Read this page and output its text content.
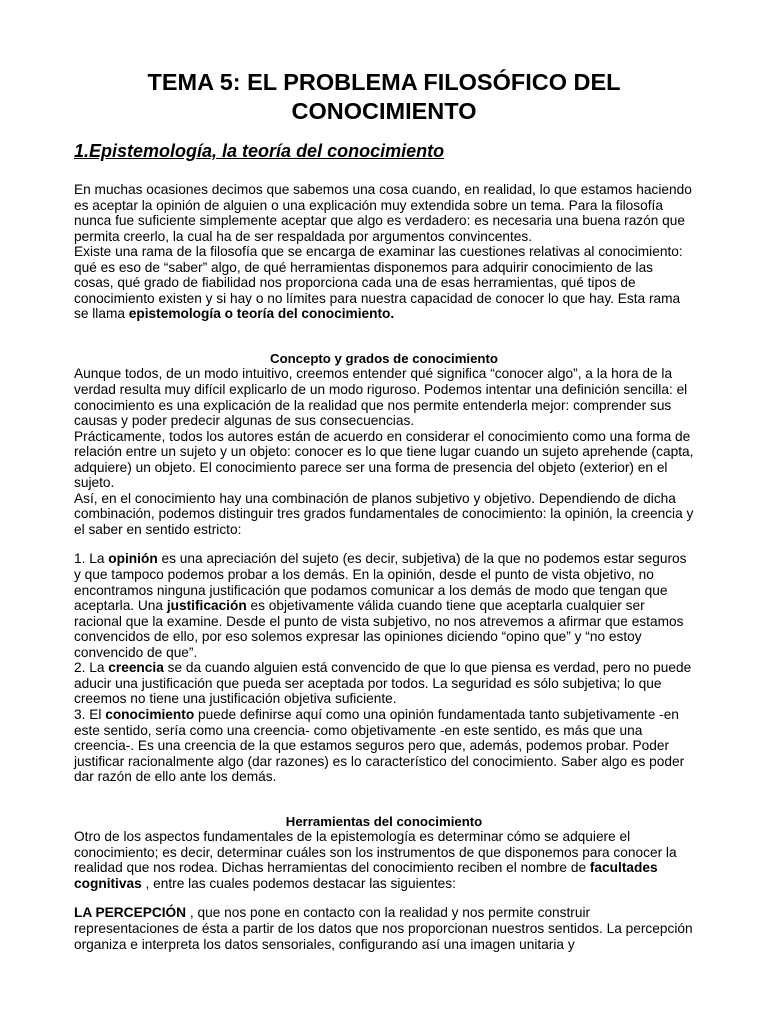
TEMA 5: EL PROBLEMA FILOSÓFICO DEL CONOCIMIENTO
1.Epistemología, la teoría del conocimiento

En muchas ocasiones decimos que sabemos una cosa cuando, en realidad, lo que estamos haciendo es aceptar la opinión de alguien o una explicación muy extendida sobre un tema. Para la filosofía nunca fue suficiente simplemente aceptar que algo es verdadero: es necesaria una buena razón que permita creerlo, la cual ha de ser respaldada por argumentos convincentes.

Existe una rama de la filosofía que se encarga de examinar las cuestiones relativas al conocimiento: qué es eso de “saber” algo, de qué herramientas disponemos para adquirir conocimiento de las cosas, qué grado de fiabilidad nos proporciona cada una de esas herramientas, qué tipos de conocimiento existen y si hay o no límites para nuestra capacidad de conocer lo que hay. Esta rama se llama epistemología o teoría del conocimiento.

Concepto y grados de conocimiento

Aunque todos, de un modo intuitivo, creemos entender qué significa “conocer algo”, a la hora de la verdad resulta muy difícil explicarlo de un modo riguroso. Podemos intentar una definición sencilla: el conocimiento es una explicación de la realidad que nos permite entenderla mejor: comprender sus causas y poder predecir algunas de sus consecuencias.

Prácticamente, todos los autores están de acuerdo en considerar el conocimiento como una forma de relación entre un sujeto y un objeto: conocer es lo que tiene lugar cuando un sujeto aprehende (capta, adquiere) un objeto. El conocimiento parece ser una forma de presencia del objeto (exterior) en el sujeto.

Así, en el conocimiento hay una combinación de planos subjetivo y objetivo. Dependiendo de dicha combinación, podemos distinguir tres grados fundamentales de conocimiento: la opinión, la creencia y el saber en sentido estricto:

1. La opinión es una apreciación del sujeto (es decir, subjetiva) de la que no podemos estar seguros y que tampoco podemos probar a los demás. En la opinión, desde el punto de vista objetivo, no encontramos ninguna justificación que podamos comunicar a los demás de modo que tengan que aceptarla. Una justificación es objetivamente válida cuando tiene que aceptarla cualquier ser racional que la examine. Desde el punto de vista subjetivo, no nos atrevemos a afirmar que estamos convencidos de ello, por eso solemos expresar las opiniones diciendo “opino que” y “no estoy convencido de que”.

2. La creencia se da cuando alguien está convencido de que lo que piensa es verdad, pero no puede aducir una justificación que pueda ser aceptada por todos. La seguridad es sólo subjetiva; lo que creemos no tiene una justificación objetiva suficiente.

3. El conocimiento puede definirse aquí como una opinión fundamentada tanto subjetivamente -en este sentido, sería como una creencia- como objetivamente -en este sentido, es más que una creencia-. Es una creencia de la que estamos seguros pero que, además, podemos probar. Poder justificar racionalmente algo (dar razones) es lo característico del conocimiento. Saber algo es poder dar razón de ello ante los demás.

Herramientas del conocimiento

Otro de los aspectos fundamentales de la epistemología es determinar cómo se adquiere el conocimiento; es decir, determinar cuáles son los instrumentos de que disponemos para conocer la realidad que nos rodea. Dichas herramientas del conocimiento reciben el nombre de facultades cognitivas , entre las cuales podemos destacar las siguientes:

LA PERCEPCIÓN , que nos pone en contacto con la realidad y nos permite construir representaciones de ésta a partir de los datos que nos proporcionan nuestros sentidos. La percepción organiza e interpreta los datos sensoriales, configurando así una imagen unitaria y
